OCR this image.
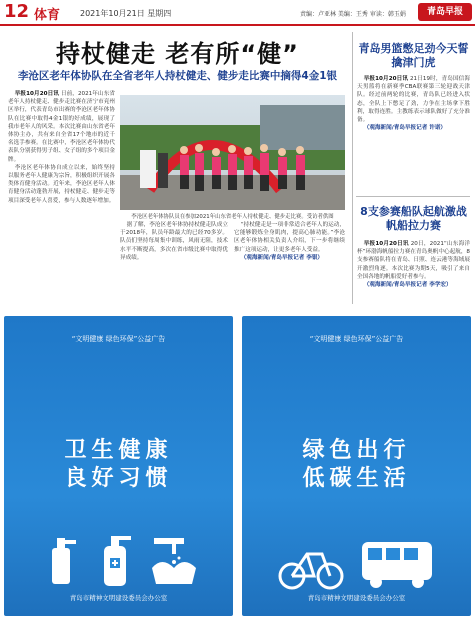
12 体育 2021年10月21日 星期四	责编：卢亚林 美编：王秀 审读：韩玉娟	青岛早报
持杖健走 老有所“健”
李沧区老年体协队在全省老年人持杖健走、健步走比赛中摘得4金1银

早报10月20日讯 日前，2021年山东省老年人持杖健走、健步走比赛在济宁市兖州区举行，代表青岛市出赛的李沧区老年体协队在比赛中取得4金1银的好成绩，展现了我市老年人的风采。本次比赛由山东省老年体协主办，共有来自全省17个地市的近千名选手参赛。在比赛中，李沧区老年体协代表队分别获得男子组、女子组的多个项目金牌。

李沧区老年体协自成立以来，始终坚持以服务老年人健康为宗旨，积极组织开展各类体育健身活动。近年来，李沧区老年人体育健身活动蓬勃开展，持杖健走、健步走等项目深受老年人喜爱，参与人数逐年增加。

李沧区老年体协队员在参加2021年山东省老年人持杖健走、健步走比赛。受访者供图

据了解，李沧区老年体协持杖健走队成立于2018年，队员年龄最大的已经70多岁。队员们坚持每周集中训练，风雨无阻，技术水平不断提高，多次在省市级比赛中取得优异成绩。

“持杖健走是一项非常适合老年人的运动，它能够锻炼全身肌肉，提高心肺功能。”李沧区老年体协相关负责人介绍，下一步将继续推广这项运动，让更多老年人受益。

（观海新闻/青岛早报记者 李银）

青岛男篮憋足劲今天誓擒津门虎

早报10月20日讯 21日19时，青岛国信海天男篮将在新赛季CBA联赛第三轮迎战天津队。经过前两轮的比赛，青岛队已经进入状态，全队上下憋足了劲，力争在主场拿下胜利，取得连胜。主教练表示球队做好了充分准备。

（观海新闻/青岛早报记者 许诺）

8支参赛船队起航激战帆船拉力赛

早报10月20日讯 20日，2021“山东海洋杯”环渤海帆船拉力赛在青岛奥帆中心起航，8支参赛船队将在青岛、日照、连云港等海域展开激烈角逐。本次比赛为期5天，吸引了来自全国各地的帆船爱好者参与。

（观海新闻/青岛早报记者 李学宏）

“文明健康 绿色环保”公益广告
卫生健康
良好习惯
青岛市精神文明建设委员会办公室
“文明健康 绿色环保”公益广告
绿色出行
低碳生活
青岛市精神文明建设委员会办公室
